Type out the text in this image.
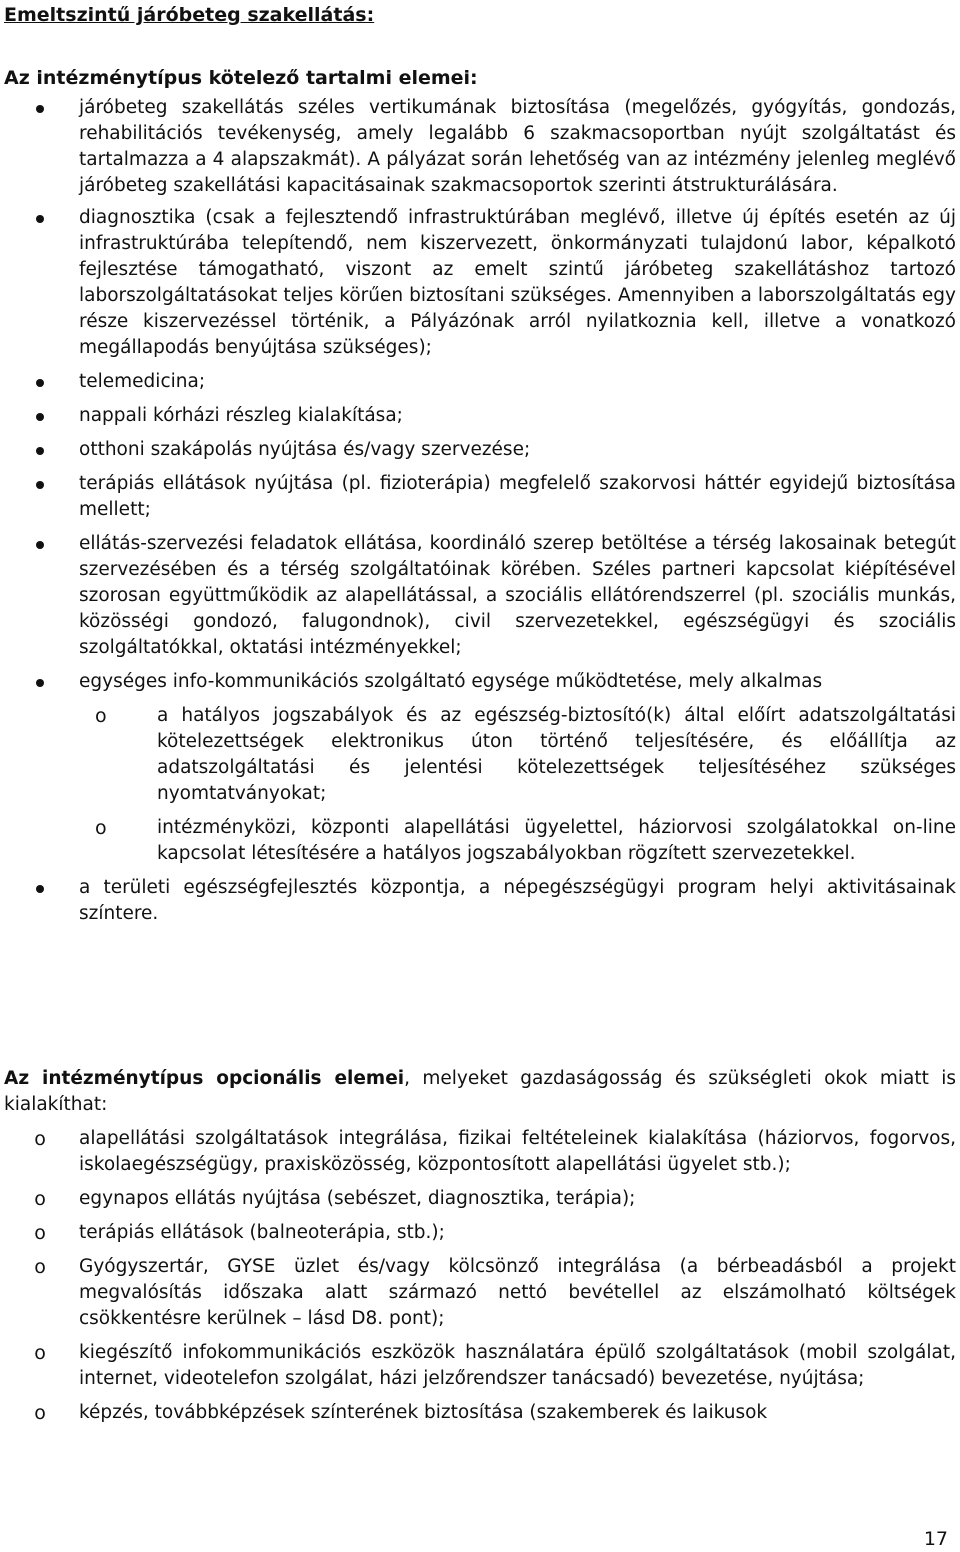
Emeltszintű járóbeteg szakellátás:
Az intézménytípus kötelező tartalmi elemei:
járóbeteg szakellátás széles vertikumának biztosítása (megelőzés, gyógyítás, gondozás, rehabilitációs tevékenység, amely legalább 6 szakmacsoportban nyújt szolgáltatást és tartalmazza a 4 alapszakmát). A pályázat során lehetőség van az intézmény jelenleg meglévő járóbeteg szakellátási kapacitásainak szakmacsoportok szerinti átstrukturálására.
diagnosztika (csak a fejlesztendő infrastruktúrában meglévő, illetve új építés esetén az új infrastruktúrába telepítendő, nem kiszervezett, önkormányzati tulajdonú labor, képalkotó fejlesztése támogatható, viszont az emelt szintű járóbeteg szakellátáshoz tartozó laborszolgáltatásokat teljes körűen biztosítani szükséges. Amennyiben a laborszolgáltatás egy része kiszervezéssel történik, a Pályázónak arról nyilatkoznia kell, illetve a vonatkozó megállapodás benyújtása szükséges);
telemedicina;
nappali kórházi részleg kialakítása;
otthoni szakápolás nyújtása és/vagy szervezése;
terápiás ellátások nyújtása (pl. fizioterápia) megfelelő szakorvosi háttér egyidejű biztosítása mellett;
ellátás-szervezési feladatok ellátása, koordináló szerep betöltése a térség lakosainak betegút szervezésében és a térség szolgáltatóinak körében. Széles partneri kapcsolat kiépítésével szorosan együttműködik az alapellátással, a szociális ellátórendszerrel (pl. szociális munkás, közösségi gondozó, falugondnok), civil szervezetekkel, egészségügyi és szociális szolgáltatókkal, oktatási intézményekkel;
egységes info-kommunikációs szolgáltató egysége működtetése, mely alkalmas
o	a hatályos jogszabályok és az egészség-biztosító(k) által előírt adatszolgáltatási kötelezettségek elektronikus úton történő teljesítésére, és előállítja az adatszolgáltatási és jelentési kötelezettségek teljesítéséhez szükséges nyomtatványokat;
o	intézményközi, központi alapellátási ügyelettel, háziorvosi szolgálatokkal on-line kapcsolat létesítésére a hatályos jogszabályokban rögzített szervezetekkel.
a területi egészségfejlesztés központja, a népegészségügyi program helyi aktivitásainak színtere.
Az intézménytípus opcionális elemei, melyeket gazdaságosság és szükségleti okok miatt is kialakíthat:
o	alapellátási szolgáltatások integrálása, fizikai feltételeinek kialakítása (háziorvos, fogorvos, iskolaegészségügy, praxisközösség, központosított alapellátási ügyelet stb.);
o	egynapos ellátás nyújtása (sebészet, diagnosztika, terápia);
o	terápiás ellátások (balneoterápia, stb.);
o	Gyógyszertár, GYSE üzlet és/vagy kölcsönző integrálása (a bérbeadásból a projekt megvalósítás időszaka alatt származó nettó bevétellel az elszámolható költségek csökkentésre kerülnek – lásd D8. pont);
o	kiegészítő infokommunikációs eszközök használatára épülő szolgáltatások (mobil szolgálat, internet, videotelefon szolgálat, házi jelzőrendszer tanácsadó) bevezetése, nyújtása;
o	képzés, továbbképzések színterének biztosítása (szakemberek és laikusok
17
